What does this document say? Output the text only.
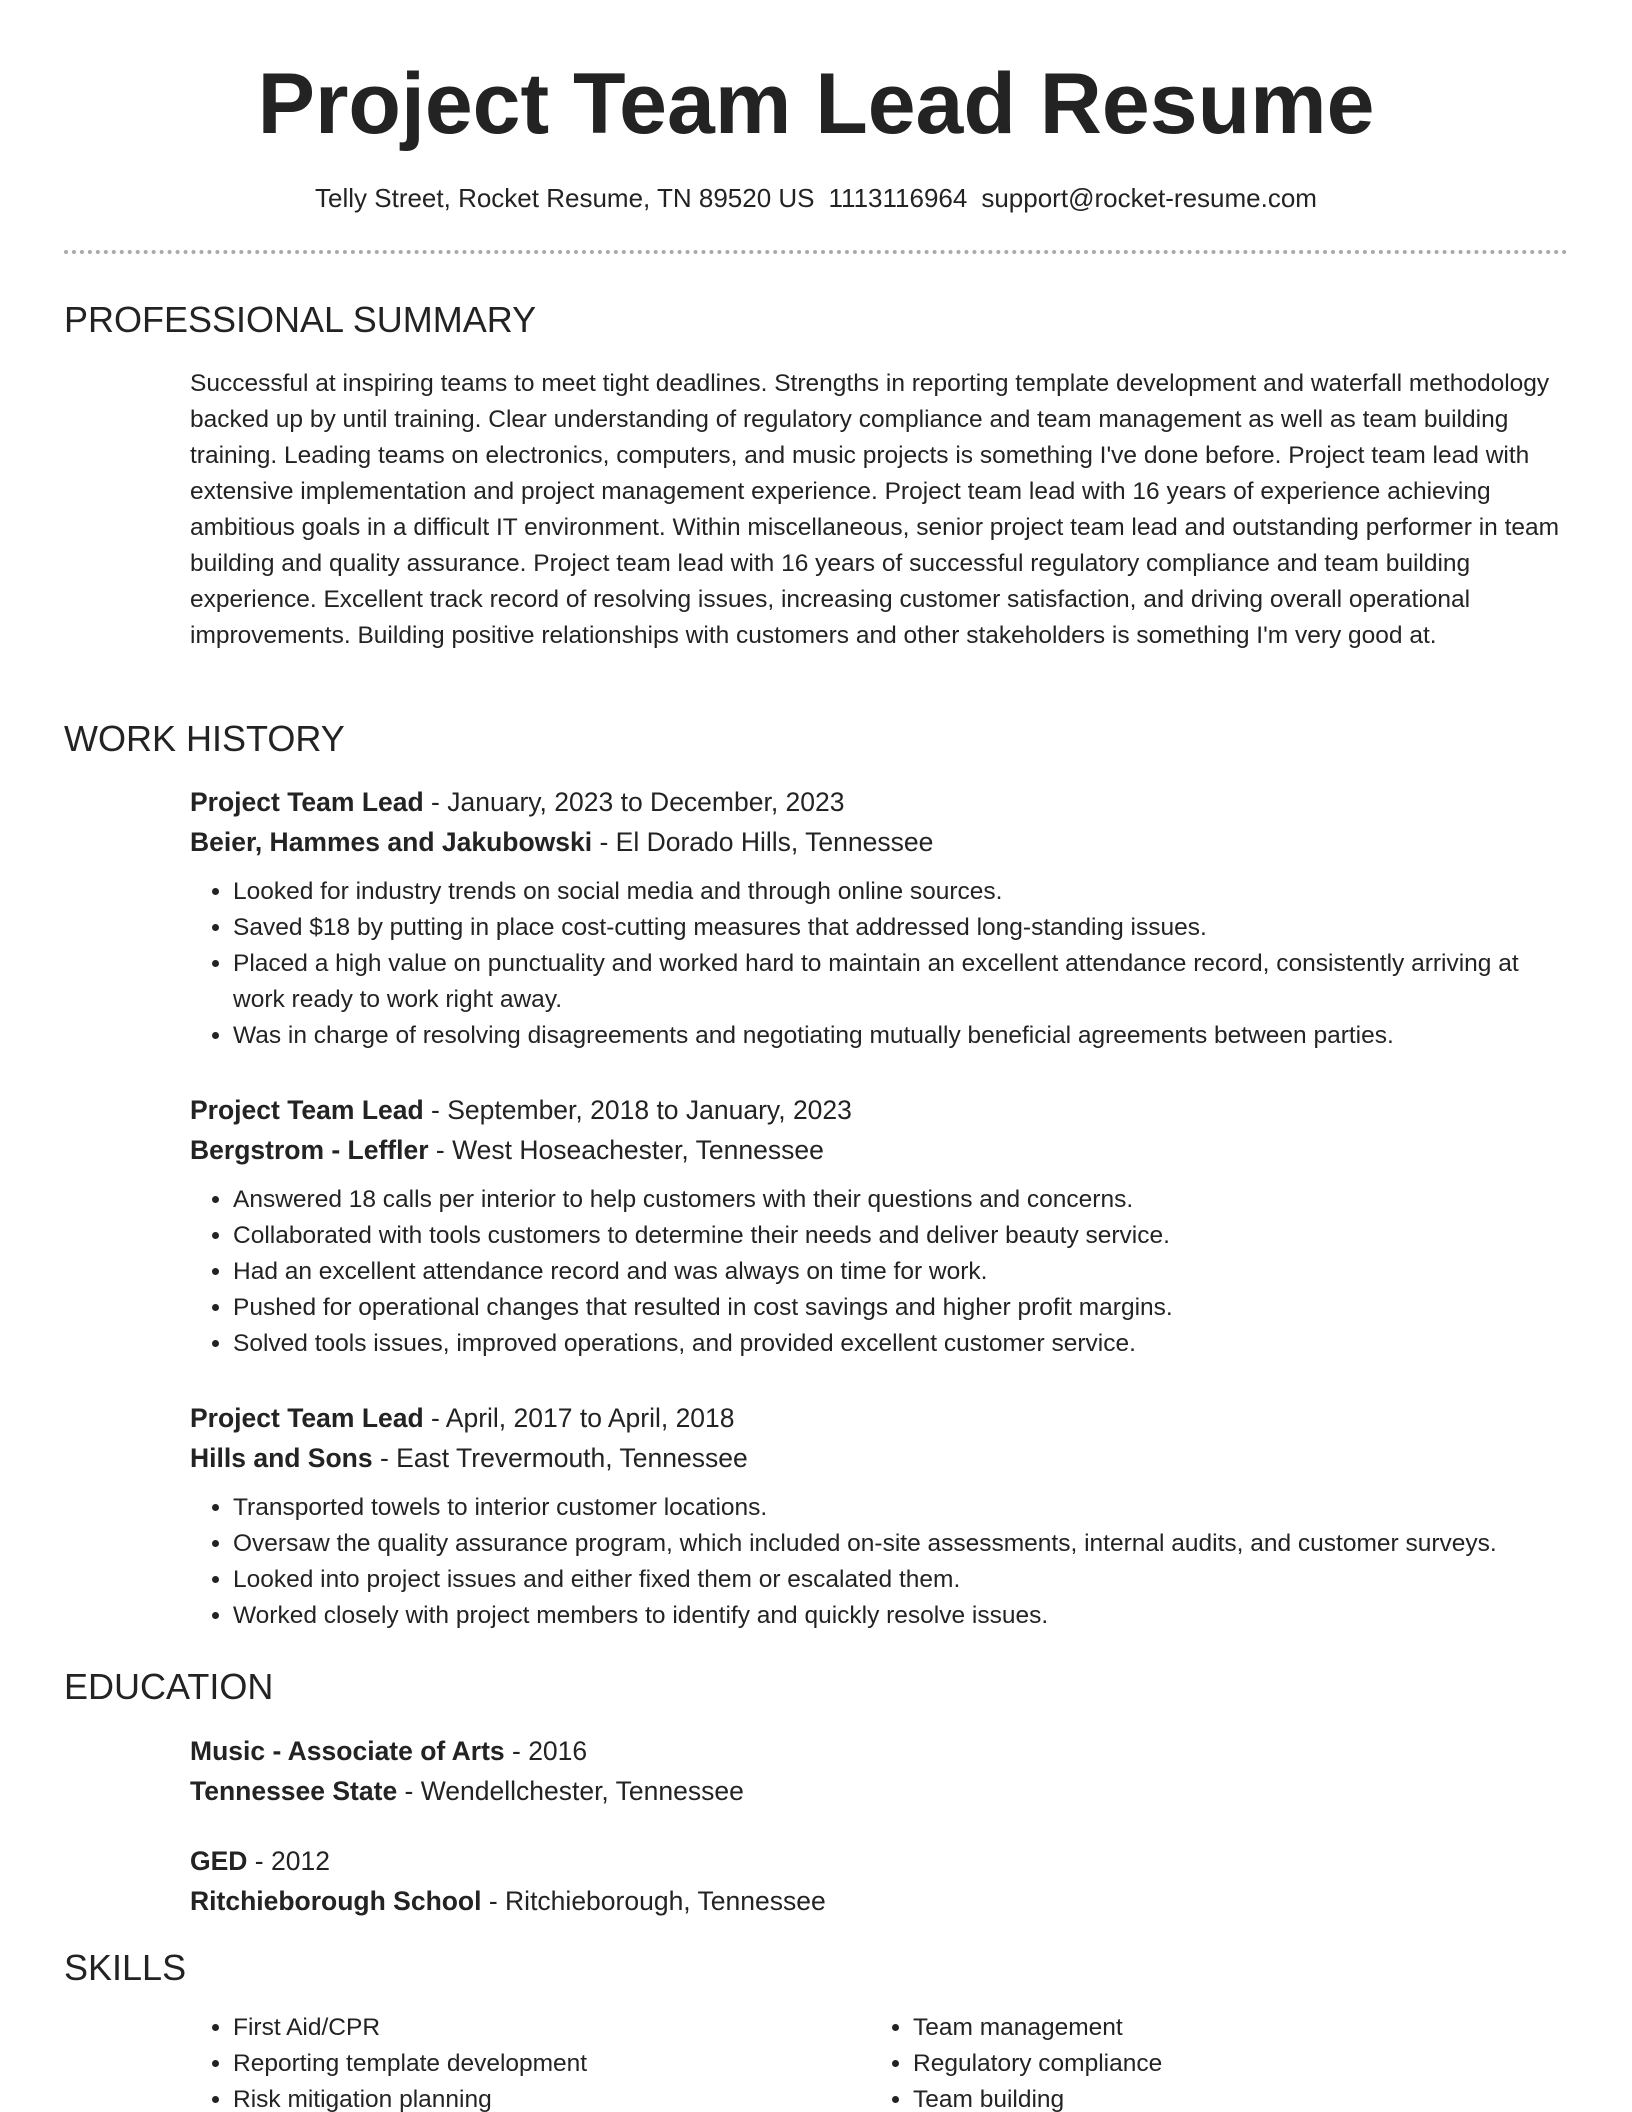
Project Team Lead Resume
Telly Street, Rocket Resume, TN 89520 US 1113116964 support@rocket-resume.com
PROFESSIONAL SUMMARY

Successful at inspiring teams to meet tight deadlines. Strengths in reporting template development and waterfall methodology backed up by until training. Clear understanding of regulatory compliance and team management as well as team building training. Leading teams on electronics, computers, and music projects is something I've done before. Project team lead with extensive implementation and project management experience. Project team lead with 16 years of experience achieving ambitious goals in a difficult IT environment. Within miscellaneous, senior project team lead and outstanding performer in team building and quality assurance. Project team lead with 16 years of successful regulatory compliance and team building experience. Excellent track record of resolving issues, increasing customer satisfaction, and driving overall operational improvements. Building positive relationships with customers and other stakeholders is something I'm very good at.

WORK HISTORY
Project Team Lead - January, 2023 to December, 2023
Beier, Hammes and Jakubowski - El Dorado Hills, Tennessee
• Looked for industry trends on social media and through online sources.
• Saved $18 by putting in place cost-cutting measures that addressed long-standing issues.
• Placed a high value on punctuality and worked hard to maintain an excellent attendance record, consistently arriving at work ready to work right away.
• Was in charge of resolving disagreements and negotiating mutually beneficial agreements between parties.
Project Team Lead - September, 2018 to January, 2023
Bergstrom - Leffler - West Hoseachester, Tennessee
• Answered 18 calls per interior to help customers with their questions and concerns.
• Collaborated with tools customers to determine their needs and deliver beauty service.
• Had an excellent attendance record and was always on time for work.
• Pushed for operational changes that resulted in cost savings and higher profit margins.
• Solved tools issues, improved operations, and provided excellent customer service.
Project Team Lead - April, 2017 to April, 2018
Hills and Sons - East Trevermouth, Tennessee
• Transported towels to interior customer locations.
• Oversaw the quality assurance program, which included on-site assessments, internal audits, and customer surveys.
• Looked into project issues and either fixed them or escalated them.
• Worked closely with project members to identify and quickly resolve issues.
EDUCATION
Music - Associate of Arts - 2016
Tennessee State - Wendellchester, Tennessee
GED - 2012
Ritchieborough School - Ritchieborough, Tennessee
SKILLS
• First Aid/CPR
• Reporting template development
• Risk mitigation planning
• Team management
• Regulatory compliance
• Team building
